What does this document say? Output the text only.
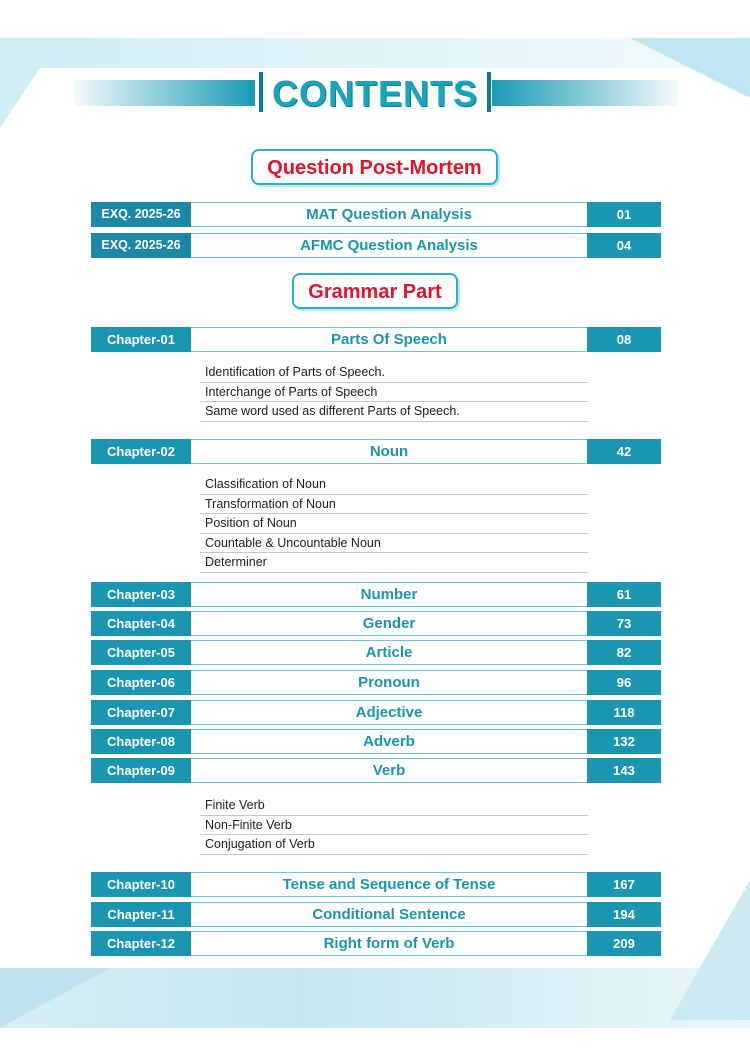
CONTENTS
Question Post-Mortem
EXQ. 2025-26	MAT Question Analysis	01
EXQ. 2025-26	AFMC Question Analysis	04
Grammar Part
Chapter-01	Parts Of Speech	08
Identification of Parts of Speech.
Interchange of Parts of Speech
Same word used as different Parts of Speech.
Chapter-02	Noun	42
Classification of Noun
Transformation of Noun
Position of Noun
Countable & Uncountable Noun
Determiner
Chapter-03	Number	61
Chapter-04	Gender	73
Chapter-05	Article	82
Chapter-06	Pronoun	96
Chapter-07	Adjective	118
Chapter-08	Adverb	132
Chapter-09	Verb	143
Finite Verb
Non-Finite Verb
Conjugation of Verb
Chapter-10	Tense and Sequence of Tense	167
Chapter-11	Conditional Sentence	194
Chapter-12	Right form of Verb	209
